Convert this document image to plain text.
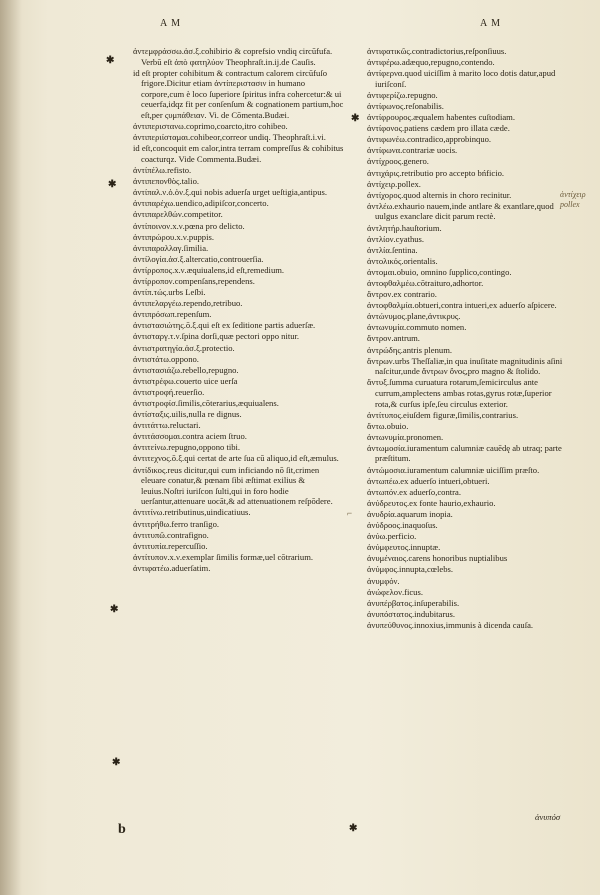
A M	A M
ἀντεμφράσσω.ἀσ.ξ.cohibirio & coprefsio vndiq circūfufa. Verbū eſt ἀπὸ φατηλύον Theophraſt.in.ij.de Cauſis.
id eſt propter cohibitum & contractum calorem circūfuſo frigore.Dicitur etiam ἀντίπεριστασιν in humano corpore,cum è loco ſuperiore ſpiritus infra cohercetur:& ui ceuerfa,idqz fit per conſenſum & cognationem partium,hoc eſt,per ςυμπάθειαν. Vi. de Cōmenta.Budæi.
ἀντιπεριστανω.coprimo,coarcto,itro cohibeo.
ἀντιπεριίσταμαι.cohibeor,correor undiq. Theophraſt.i.vi.
id eſt,concoquit em calor,intra terram compreſſus & cohibitus coacturqz. Vide Commenta.Budæi.
ἀντίπέλω.refisto.
ἀντιπεπονθὸς.talio.
ἀντίπαλ.ν.ὁ.ὁν.ξ.qui nobis aduerſa urget ueſtigia,antipus.
ἀντιπαρέχω.uendico,adipiſcor,concerto.
ἀντιπαρελθών.competitor.
ἀντίποινον.x.ν.pœna pro delicto.
ἀντιπρώρου.x.ν.puppis.
ἀντιπαραλλαγ.ſimilia.
ἀντίλογία.ἀσ.ξ.altercatio,controuerſia.
ἀντίρροπος.x.ν.æquiualens,id eſt,remedium.
ἀντίρροπον.compenſans,rependens.
ἀντίπ.τώς.urbs Leſbi.
ἀντιπελαργέω.rependo,retribuo.
ἀντιπρόσωπ.repenſum.
ἀντιστασιώτης.ō.ξ.qui eſt ex ſeditione partis aduerſæ.
ἀντισταργ.τ.ν.ſpina dorſi,quæ pectori oppo nitur.
ἀντιστρατηγία.ἀσ.ξ.protectio.
ἀντιστάτω.oppono.
ἀντιστασιάζω.rebello,repugno.
ἀντιστρέφω.couerto uice uerſa
ἀντιστροφή.reuerſio.
ἀντιστροφίσ.ſimilis,cōterarius,æquiualens.
ἀντίσταξις.uilis,nulla re dignus.
ἀντιτάττω.reluctari.
ἀντιτάσσομαι.contra aciem ſtruo.
ἀντιτείνω.repugno,oppono tibi.
ἀντιτεχνος.ō.ξ.qui certat de arte ſua cū aliquo,id eſt,æmulus.
ἀντίδικος.reus dicitur,qui cum inficiando nō ſit,crimen eleuare conatur,& pœnam ſibi æſtimat exilius & leuius.Noſtri iuriſcon ſulti,qui in foro hodie uerſantur,attenuare uocāt,& ad attenuationem reſpōdere.
ἀντιτίνω.retributinus,uindicatiuus.
ἀντιτρήθω.ferro tranſigo.
ἀντιτυπῶ.contrafigno.
ἀντιτυπία.repercuſſio.
ἀντίτυπον.x.ν.exemplar ſimilis formæ,uel cōtrarium.
ἀντιφατέω.aduerſatim.
ἀντιφατικῶς.contradictorius,reſponſiuus.
ἀντιφέρω.adæquo,repugno,contendo.
ἀντίφερνα.quod uiciſſim à marito loco dotis datur,apud iuriſconſ.
ἀντιφερίζω.repugno.
ἀντίφωνος.reſonabilis.
ἀντίφρουρος.æqualem habentes cuſtodiam.
ἀντίφονος.patiens cædem pro illata cæde.
ἀντιφωνέω.contradico,approbinquo.
ἀντίφωνα.contrariæ uocis.
ἀντίχροος.genero.
ἀντιχάρις.retributio pro accepto bńficio.
ἀντίχειρ.pollex.
ἀντίχορος.quod alternis in choro recinitur.
ἀντλέω.exhaurio nauem,inde antlare & exantlare,quod uulgus exanclare dicit parum rectè.
ἀντλητήρ.hauſtorium.
ἀντλίον.cyathus.
ἀντλία.ſentina.
ἀντολικός.orientalis.
ἀντομαι.obuio, omnino ſupplico,contingo.
ἀντοφθαλμέω.cōtraituro,adhortor.
ἄντρον.ex contrario.
ἀντοφθαλμία.obtueri,contra intueri,ex aduerſo aſpicere.
ἀντώνυμος.plane,ἀντικρυς.
ἀντωνυμία.commuto nomen.
ἄντρον.antrum.
ἀντρώδης.antris plenum.
ἄντρων.urbs Theſſaliæ,in qua inuſitate magnitudinis aſini naſcitur,unde ἄντρων ὄνος,pro magno & ſtolido.
ἄντυξ.ſumma curuatura rotarum,ſemicirculus ante currum,amplectens ambas rotas,gyrus rotæ,ſuperior rota,& curſus ipſe,ſeu circulus exterior.
ἀντίτυπος.eiuſdem figuræ,ſimilis,contrarius.
ἄντω.obuio.
ἀντωνυμία.pronomen.
ἀντωμοσία.iuramentum calumniæ cauēdę ab utraq; parte præſtitum.
ἀντώμοσια.iuramentum calumniæ uiciſſim præſto.
ἀντωπέω.ex aduerſo intueri,obtueri.
ἀντωπόν.ex aduerſo,contra.
ἀνύδρευτος.ex fonte haurio,exhaurio.
ἀνυδρία.aquarum inopia.
ἀνύδροος.inaquoſus.
ἀνύω.perficio.
ἀνύμφευτος.innuptæ.
ἀνυμέναιος.carens honoribus nuptialibus
ἀνύμφος.innupta,cœlebs.
ἀνυμφόν.
ἀνώφελον.ficus.
ἀνυπέρβατος.inſuperabilis.
ἀνυπόστατος.indubitarus.
ἀνυπεύθυνος.innoxius,immunis à dicenda cauſa.
✱
✱
✱
✱
✱
✱
⌐
ἀντίχειρ pollex
b
ἀνυπόσ
